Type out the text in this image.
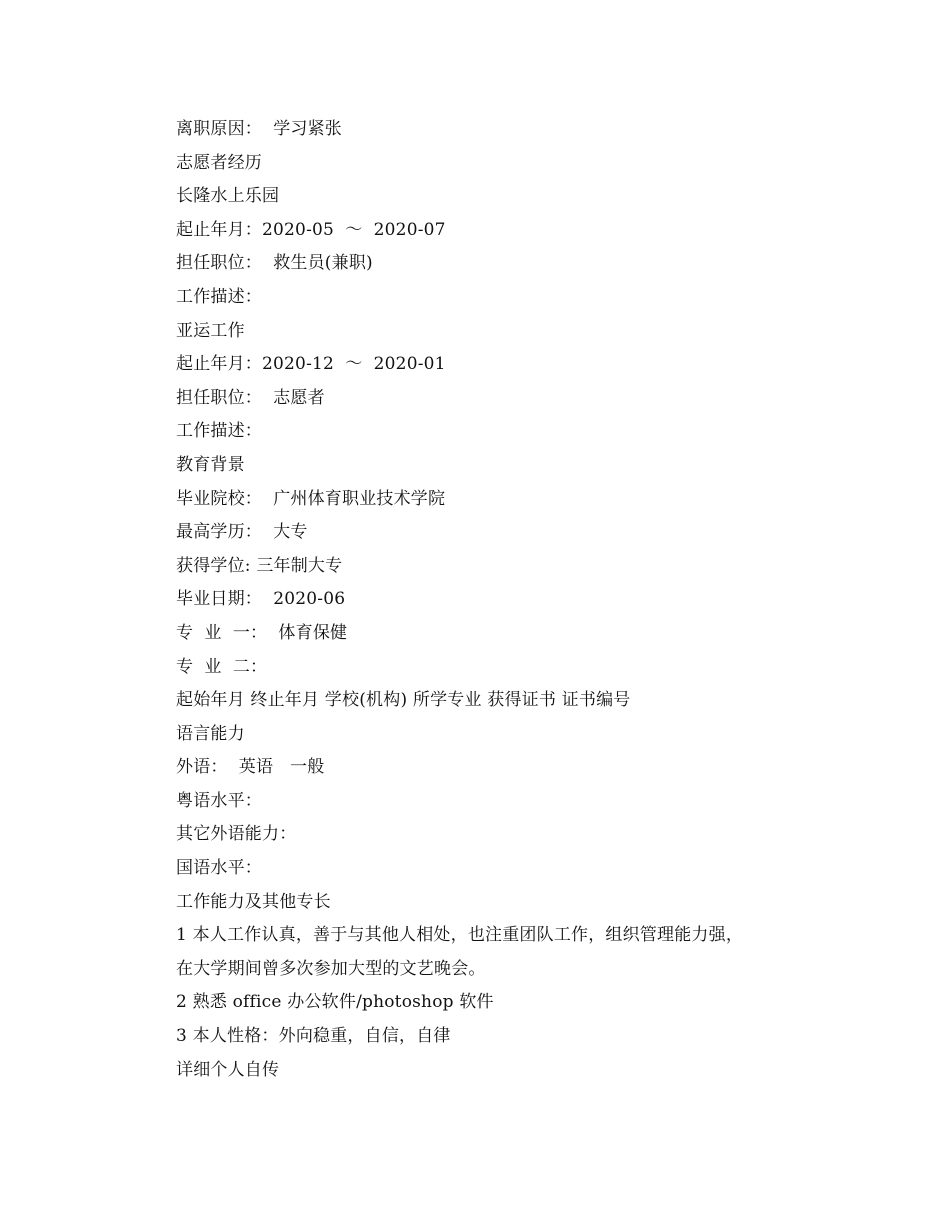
离职原因：  学习紧张
志愿者经历
长隆水上乐园
起止年月：2020-05  ～  2020-07
担任职位：  救生员(兼职)
工作描述：
亚运工作
起止年月：2020-12  ～  2020-01
担任职位：  志愿者
工作描述：
教育背景
毕业院校：  广州体育职业技术学院
最高学历：  大专
获得学位: 三年制大专
毕业日期：  2020-06
专  业  一：  体育保健
专  业  二：
起始年月 终止年月 学校(机构) 所学专业 获得证书 证书编号
语言能力
外语：  英语   一般
粤语水平：
其它外语能力：
国语水平：
工作能力及其他专长
1 本人工作认真，善于与其他人相处，也注重团队工作，组织管理能力强，
在大学期间曾多次参加大型的文艺晚会。
2 熟悉 office 办公软件/photoshop 软件
3 本人性格：外向稳重，自信，自律
详细个人自传
